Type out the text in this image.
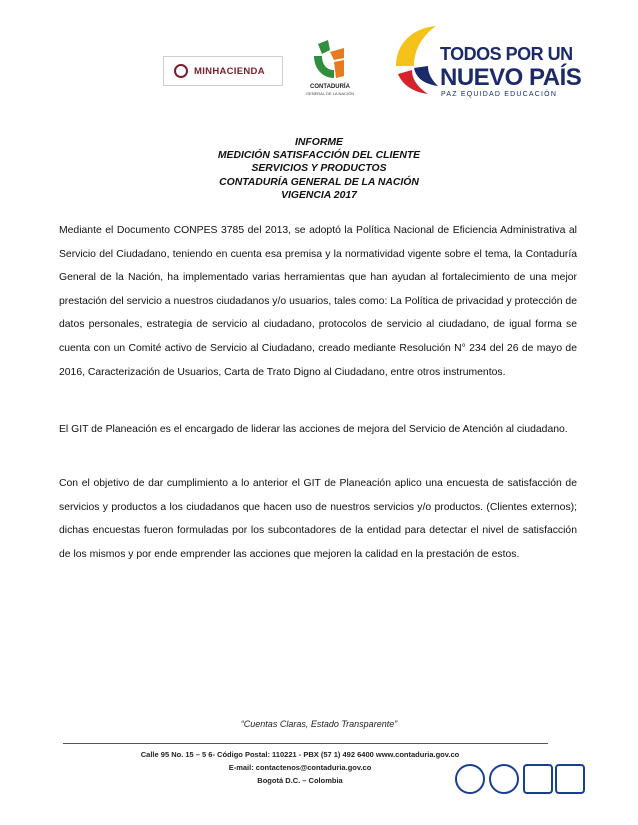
MINHACIENDA
CONTADURÍA
GENERAL DE LA NACIÓN
TODOS POR UN
NUEVO PAÍS
PAZ EQUIDAD EDUCACIÓN
INFORME
MEDICIÓN SATISFACCIÓN DEL CLIENTE
SERVICIOS Y PRODUCTOS
CONTADURÍA GENERAL DE LA NACIÓN
VIGENCIA 2017

Mediante el Documento CONPES 3785 del 2013, se adoptó la Política Nacional de Eficiencia Administrativa al Servicio del Ciudadano, teniendo en cuenta esa premisa y la normatividad vigente sobre el tema, la Contaduría General de la Nación, ha implementado varias herramientas que han ayudan al fortalecimiento de una mejor prestación del servicio a nuestros ciudadanos y/o usuarios, tales como: La Política de privacidad y protección de datos personales, estrategia de servicio al ciudadano, protocolos de servicio al ciudadano, de igual forma se cuenta con un Comité activo de Servicio al Ciudadano, creado mediante Resolución N° 234 del 26 de mayo de 2016, Caracterización de Usuarios, Carta de Trato Digno al Ciudadano, entre otros instrumentos.

El GIT de Planeación es el encargado de liderar las acciones de mejora del Servicio de Atención al ciudadano.

Con el objetivo de dar cumplimiento a lo anterior el GIT de Planeación aplico una encuesta de satisfacción de servicios y productos a los ciudadanos que hacen uso de nuestros servicios y/o productos. (Clientes externos); dichas encuestas fueron formuladas por los subcontadores de la entidad para detectar el nivel de satisfacción de los mismos y por ende emprender las acciones que mejoren la calidad en la prestación de estos.

“Cuentas Claras, Estado Transparente”
Calle 95 No. 15 – 5 6- Código Postal: 110221 - PBX (57 1) 492 6400 www.contaduria.gov.co
E-mail: contactenos@contaduria.gov.co
Bogotá D.C. – Colombia
